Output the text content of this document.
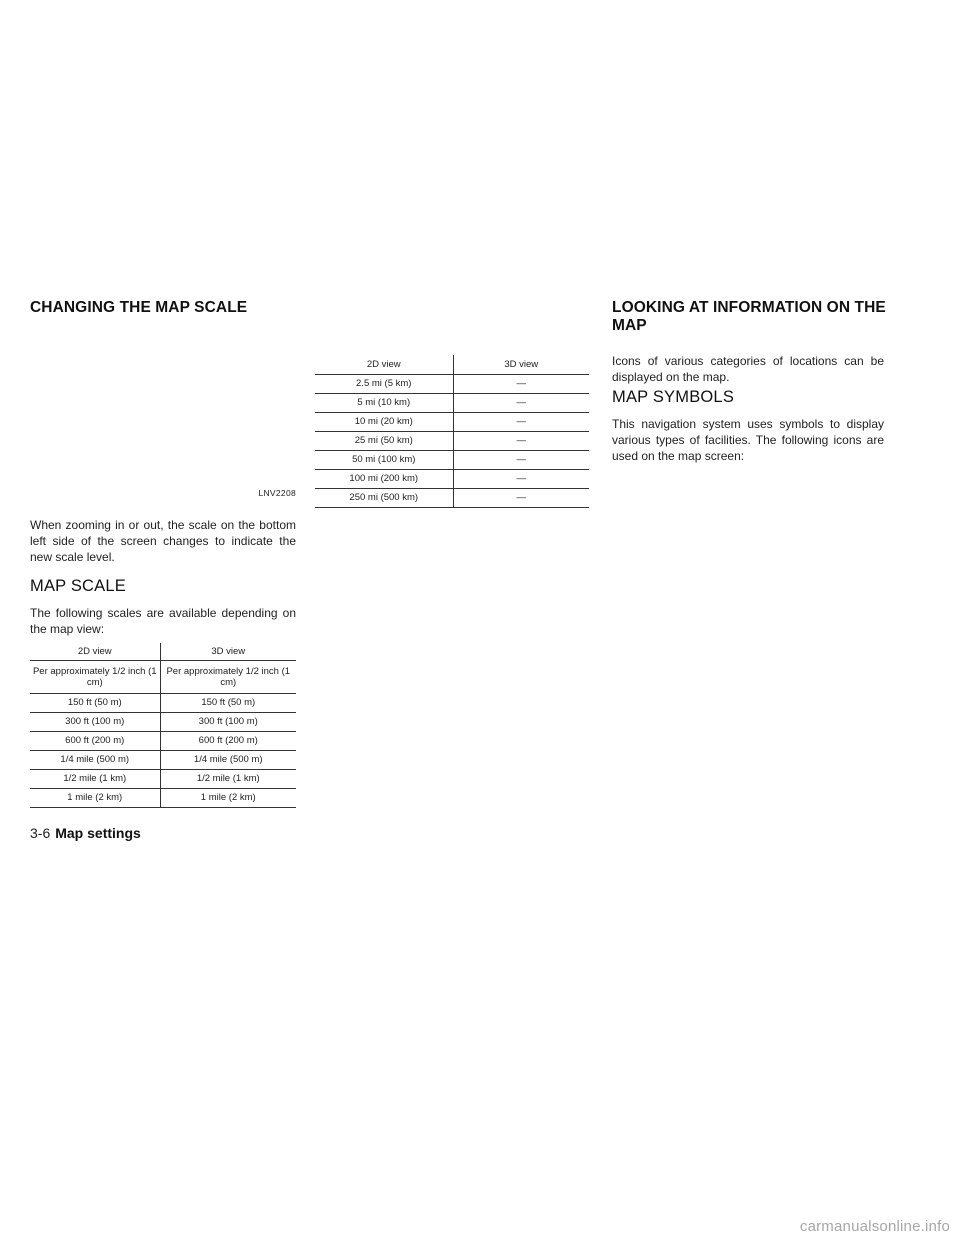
CHANGING THE MAP SCALE
LNV2208

When zooming in or out, the scale on the bottom left side of the screen changes to indicate the new scale level.

MAP SCALE

The following scales are available depending on the map view:

2D view	3D view
Per approximately 1/2 inch (1 cm)	Per approximately 1/2 inch (1 cm)
150 ft (50 m)	150 ft (50 m)
300 ft (100 m)	300 ft (100 m)
600 ft (200 m)	600 ft (200 m)
1/4 mile (500 m)	1/4 mile (500 m)
1/2 mile (1 km)	1/2 mile (1 km)
1 mile (2 km)	1 mile (2 km)
2D view	3D view
2.5 mi (5 km)	—
5 mi (10 km)	—
10 mi (20 km)	—
25 mi (50 km)	—
50 mi (100 km)	—
100 mi (200 km)	—
250 mi (500 km)	—
LOOKING AT INFORMATION ON THE MAP

Icons of various categories of locations can be displayed on the map.

MAP SYMBOLS

This navigation system uses symbols to display various types of facilities. The following icons are used on the map screen:

3-6 Map settings
carmanualsonline.info
